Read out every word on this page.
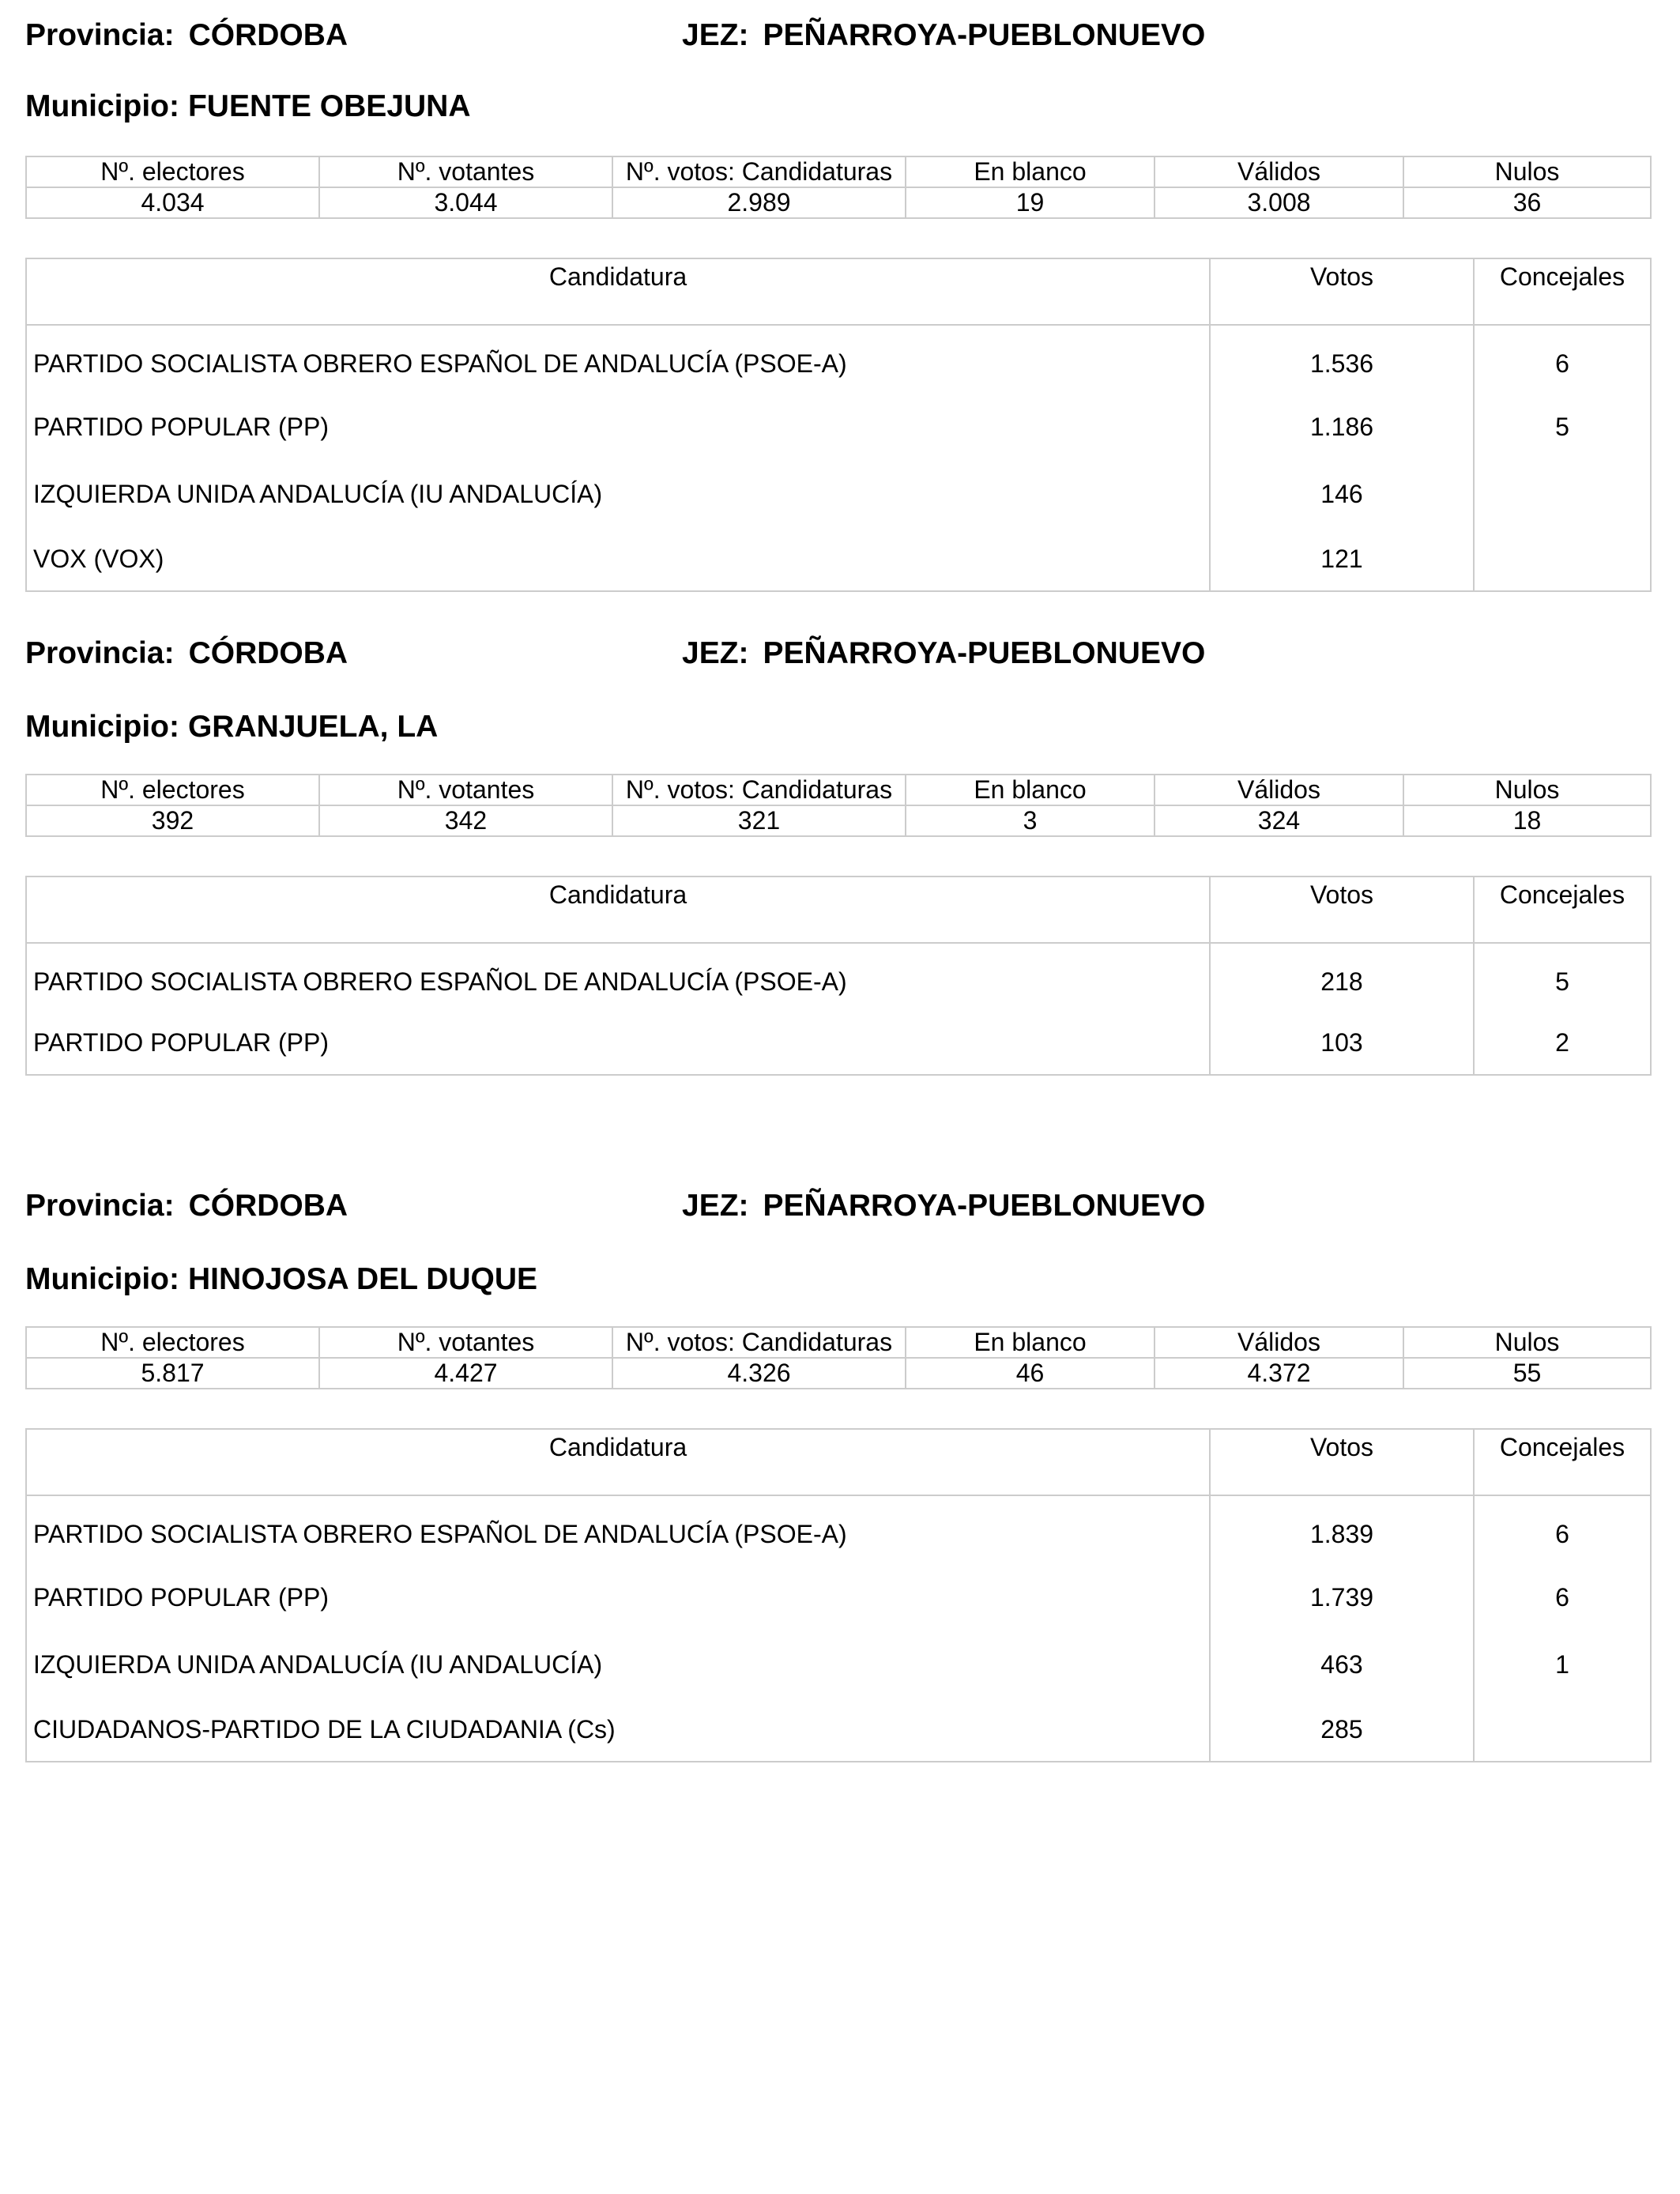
Provincia: CÓRDOBA	JEZ: PEÑARROYA-PUEBLONUEVO
Municipio: FUENTE OBEJUNA
Nº. electores	Nº. votantes	Nº. votos: Candidaturas	En blanco	Válidos	Nulos
4.034	3.044	2.989	19	3.008	36
Candidatura	Votos	Concejales
PARTIDO SOCIALISTA OBRERO ESPAÑOL DE ANDALUCÍA (PSOE-A)	1.536	6
PARTIDO POPULAR (PP)	1.186	5
IZQUIERDA UNIDA ANDALUCÍA (IU ANDALUCÍA)	146	
VOX (VOX)	121	
Provincia: CÓRDOBA	JEZ: PEÑARROYA-PUEBLONUEVO
Municipio: GRANJUELA, LA
Nº. electores	Nº. votantes	Nº. votos: Candidaturas	En blanco	Válidos	Nulos
392	342	321	3	324	18
Candidatura	Votos	Concejales
PARTIDO SOCIALISTA OBRERO ESPAÑOL DE ANDALUCÍA (PSOE-A)	218	5
PARTIDO POPULAR (PP)	103	2
Provincia: CÓRDOBA	JEZ: PEÑARROYA-PUEBLONUEVO
Municipio: HINOJOSA DEL DUQUE
Nº. electores	Nº. votantes	Nº. votos: Candidaturas	En blanco	Válidos	Nulos
5.817	4.427	4.326	46	4.372	55
Candidatura	Votos	Concejales
PARTIDO SOCIALISTA OBRERO ESPAÑOL DE ANDALUCÍA (PSOE-A)	1.839	6
PARTIDO POPULAR (PP)	1.739	6
IZQUIERDA UNIDA ANDALUCÍA (IU ANDALUCÍA)	463	1
CIUDADANOS-PARTIDO DE LA CIUDADANIA (Cs)	285	
